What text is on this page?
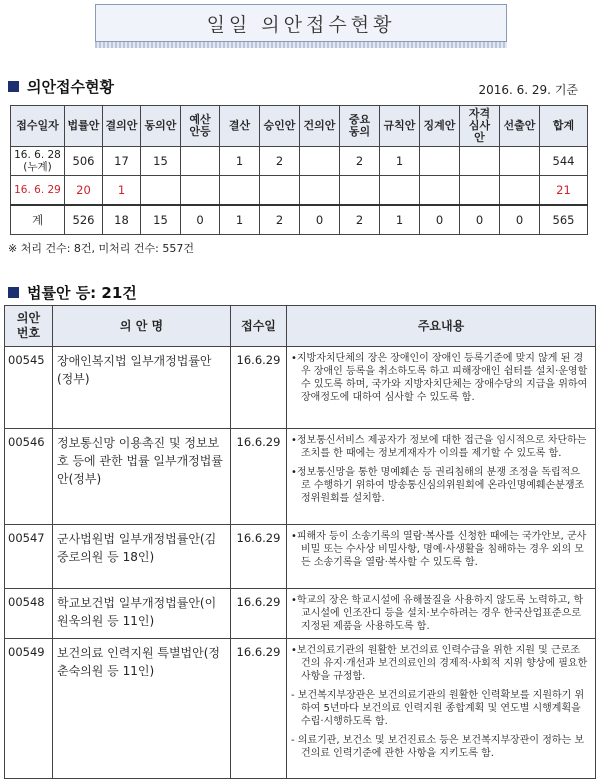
일일 의안접수현황
의안접수현황	2016. 6. 29. 기준
접수일자	법률안	결의안	동의안	예산안등	결산	승인안	건의안	중요동의	규칙안	징계안	자격심사안	선출안	합계

16. 6. 28
(누계)	506	17	15		1	2		2	1				544

16. 6. 29	20	1											21
계	526	18	15	0	1	2	0	2	1	0	0	0	565
※ 처리 건수: 8건, 미처리 건수: 557건
법률안 등: 21건
의안번호	의 안 명	접수일	주요내용
00545	장애인복지법 일부개정법률안(정부)	16.6.29	•지방자치단체의 장은 장애인이 장애인 등록기준에 맞지 않게 된 경우 장애인 등록을 취소하도록 하고 피해장애인 쉼터를 설치·운영할 수 있도록 하며, 국가와 지방자치단체는 장애수당의 지급을 위하여 장애정도에 대하여 심사할 수 있도록 함.

00546	정보통신망 이용촉진 및 정보보호 등에 관한 법률 일부개정법률안(정부)	16.6.29	•정보통신서비스 제공자가 정보에 대한 접근을 임시적으로 차단하는 조치를 한 때에는 정보게재자가 이의를 제기할 수 있도록 함.

•정보통신망을 통한 명예훼손 등 권리침해의 분쟁 조정을 독립적으로 수행하기 위하여 방송통신심의위원회에 온라인명예훼손분쟁조정위원회를 설치함.

00547	군사법원법 일부개정법률안(김중로의원 등 18인)	16.6.29	•피해자 등이 소송기록의 열람·복사를 신청한 때에는 국가안보, 군사비밀 또는 수사상 비밀사항, 명예·사생활을 침해하는 경우 외의 모든 소송기록을 열람·복사할 수 있도록 함.

00548	학교보건법 일부개정법률안(이원욱의원 등 11인)	16.6.29	•학교의 장은 학교시설에 유해물질을 사용하지 않도록 노력하고, 학교시설에 인조잔디 등을 설치·보수하려는 경우 한국산업표준으로 지정된 제품을 사용하도록 함.

00549	보건의료 인력지원 특별법안(정춘숙의원 등 11인)	16.6.29	•보건의료기관의 원활한 보건의료 인력수급을 위한 지원 및 근로조건의 유지·개선과 보건의료인의 경제적·사회적 지위 향상에 필요한 사항을 규정함.

- 보건복지부장관은 보건의료기관의 원활한 인력확보를 지원하기 위하여 5년마다 보건의료 인력지원 종합계획 및 연도별 시행계획을 수립·시행하도록 함.

- 의료기관, 보건소 및 보건진료소 등은 보건복지부장관이 정하는 보건의료 인력기준에 관한 사항을 지키도록 함.
